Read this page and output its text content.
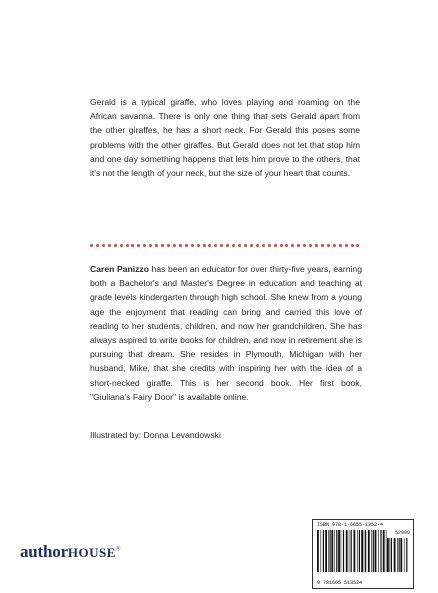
Gerald is a typical giraffe, who loves playing and roaming on the African savanna. There is only one thing that sets Gerald apart from the other giraffes, he has a short neck. For Gerald this poses some problems with the other giraffes. But Gerald does not let that stop him and one day something happens that lets him prove to the others, that it's not the length of your neck, but the size of your heart that counts.
Caren Panizzo has been an educator for over thirty-five years, earning both a Bachelor's and Master's Degree in education and teaching at grade levels kindergarten through high school. She knew from a young age the enjoyment that reading can bring and carried this love of reading to her students, children, and now her grandchildren. She has always aspired to write books for children, and now in retirement she is pursuing that dream. She resides in Plymouth, Michigan with her husband, Mike, that she credits with inspiring her with the idea of a short-necked giraffe. This is her second book. Her first book, "Giuliana's Fairy Door" is available online.
Illustrated by: Donna Levandowski
authorHOUSE®
ISBN 978-1-6655-1352-4
52999
9 781665 513524
